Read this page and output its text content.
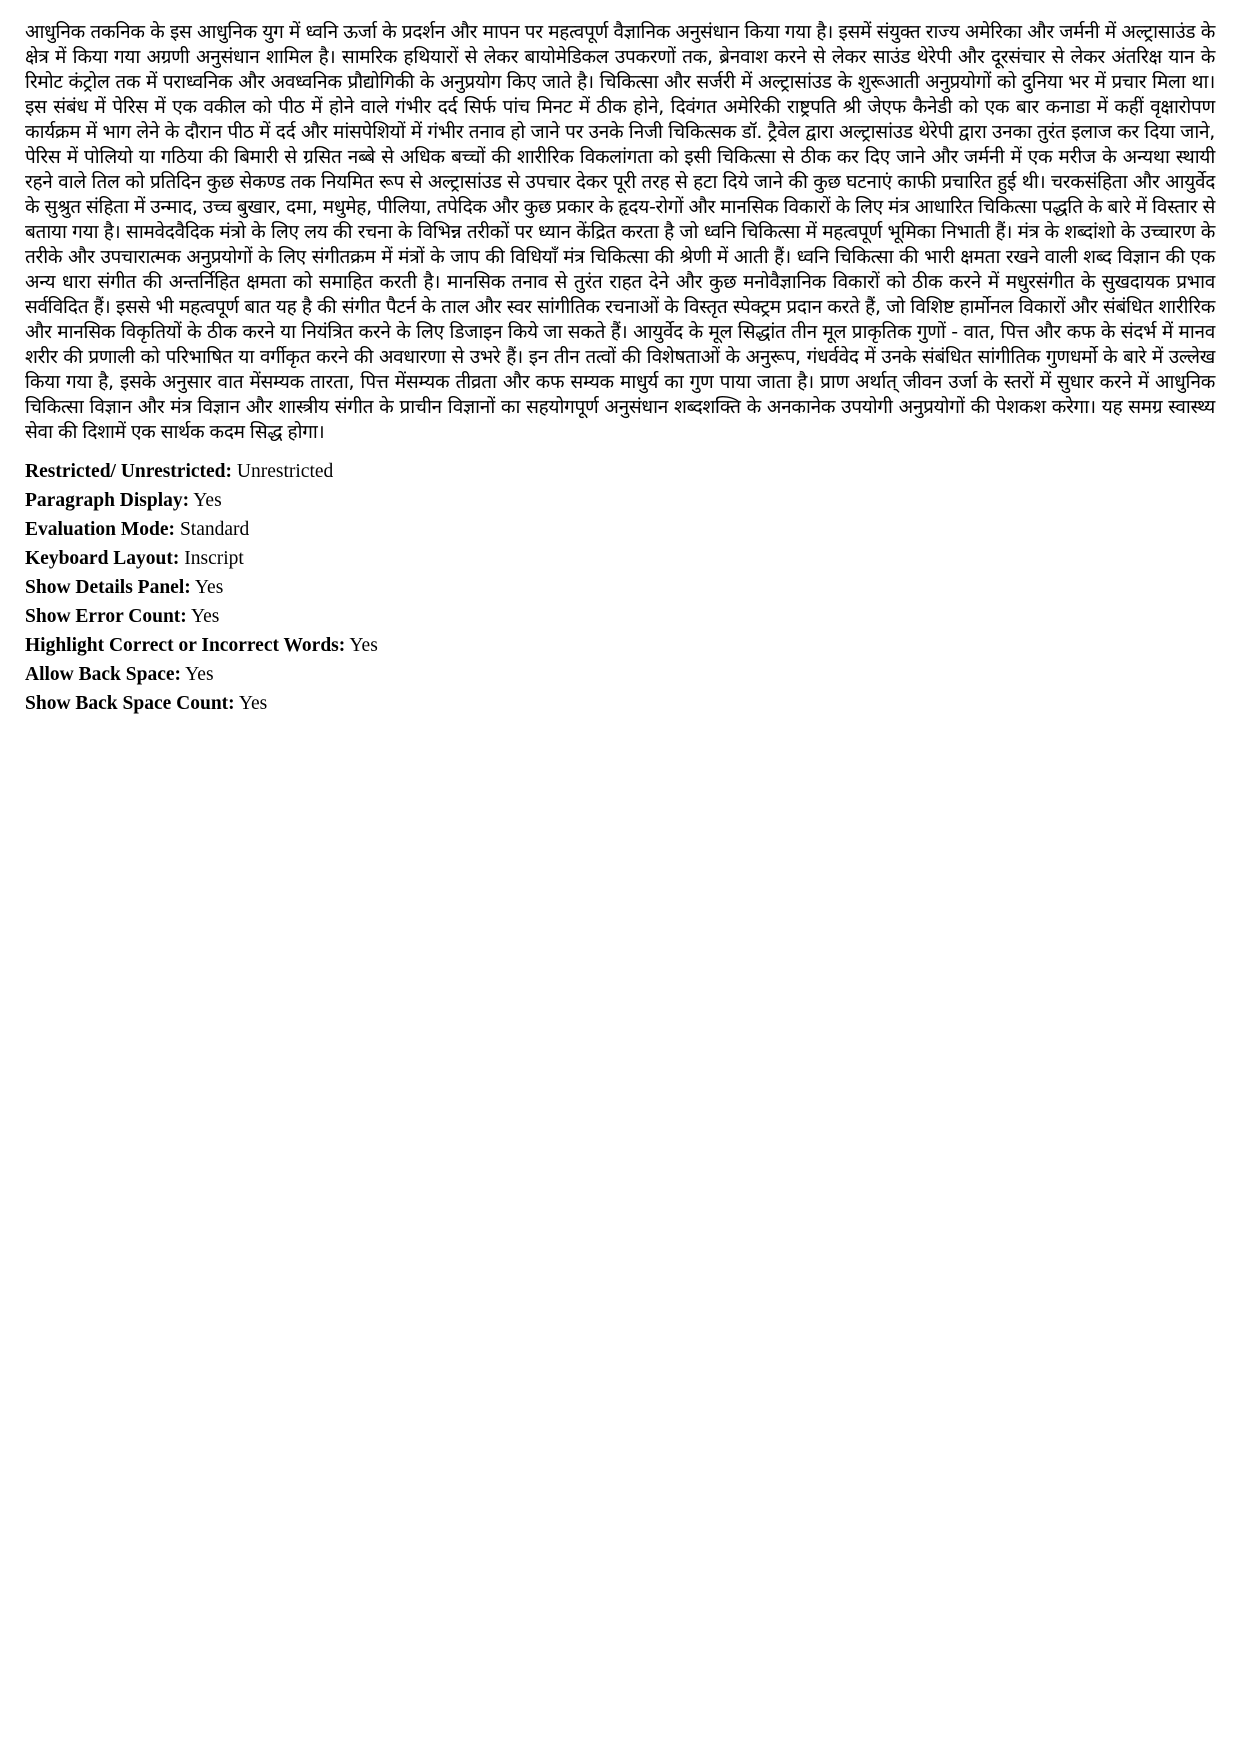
आधुनिक तकनिक के इस आधुनिक युग में ध्वनि ऊर्जा के प्रदर्शन और मापन पर महत्वपूर्ण वैज्ञानिक अनुसंधान किया गया है। इसमें संयुक्त राज्य अमेरिका और जर्मनी में अल्ट्रासाउंड के क्षेत्र में किया गया अग्रणी अनुसंधान शामिल है। सामरिक हथियारों से लेकर बायोमेडिकल उपकरणों तक, ब्रेनवाश करने से लेकर साउंड थेरेपी और दूरसंचार से लेकर अंतरिक्ष यान के रिमोट कंट्रोल तक में पराध्वनिक और अवध्वनिक प्रौद्योगिकी के अनुप्रयोग किए जाते है। चिकित्सा और सर्जरी में अल्ट्रासांउड के शुरूआती अनुप्रयोगों को दुनिया भर में प्रचार मिला था। इस संबंध में पेरिस में एक वकील को पीठ में होने वाले गंभीर दर्द सिर्फ पांच मिनट में ठीक होने, दिवंगत अमेरिकी राष्ट्रपति श्री जेएफ कैनेडी को एक बार कनाडा में कहीं वृक्षारोपण कार्यक्रम में भाग लेने के दौरान पीठ में दर्द और मांसपेशियों में गंभीर तनाव हो जाने पर उनके निजी चिकित्सक डॉ. ट्रैवेल द्वारा अल्ट्रासांउड थेरेपी द्वारा उनका तुरंत इलाज कर दिया जाने, पेरिस में पोलियो या गठिया की बिमारी से ग्रसित नब्बे से अधिक बच्चों की शारीरिक विकलांगता को इसी चिकित्सा से ठीक कर दिए जाने और जर्मनी में एक मरीज के अन्यथा स्थायी रहने वाले तिल को प्रतिदिन कुछ सेकण्ड तक नियमित रूप से अल्ट्रासांउड से उपचार देकर पूरी तरह से हटा दिये जाने की कुछ घटनाएं काफी प्रचारित हुई थी। चरकसंहिता और आयुर्वेद के सुश्रुत संहिता में उन्माद, उच्च बुखार, दमा, मधुमेह, पीलिया, तपेदिक और कुछ प्रकार के हृदय-रोगों और मानसिक विकारों के लिए मंत्र आधारित चिकित्सा पद्धति के बारे में विस्तार से बताया गया है। सामवेदवैदिक मंत्रो के लिए लय की रचना के विभिन्न तरीकों पर ध्यान केंद्रित करता है जो ध्वनि चिकित्सा में महत्वपूर्ण भूमिका निभाती हैं। मंत्र के शब्दांशो के उच्चारण के तरीके और उपचारात्मक अनुप्रयोगों के लिए संगीतक्रम में मंत्रों के जाप की विधियाँ मंत्र चिकित्सा की श्रेणी में आती हैं। ध्वनि चिकित्सा की भारी क्षमता रखने वाली शब्द विज्ञान की एक अन्य धारा संगीत की अन्तर्निहित क्षमता को समाहित करती है। मानसिक तनाव से तुरंत राहत देने और कुछ मनोवैज्ञानिक विकारों को ठीक करने में मधुरसंगीत के सुखदायक प्रभाव सर्वविदित हैं। इससे भी महत्वपूर्ण बात यह है की संगीत पैटर्न के ताल और स्वर सांगीतिक रचनाओं के विस्तृत स्पेक्ट्रम प्रदान करते हैं, जो विशिष्ट हार्मोनल विकारों और संबंधित शारीरिक और मानसिक विकृतियों के ठीक करने या नियंत्रित करने के लिए डिजाइन किये जा सकते हैं। आयुर्वेद के मूल सिद्धांत तीन मूल प्राकृतिक गुणों - वात, पित्त और कफ के संदर्भ में मानव शरीर की प्रणाली को परिभाषित या वर्गीकृत करने की अवधारणा से उभरे हैं। इन तीन तत्वों की विशेषताओं के अनुरूप, गंधर्ववेद में उनके संबंधित सांगीतिक गुणधर्मो के बारे में उल्लेख किया गया है, इसके अनुसार वात मेंसम्यक तारता, पित्त मेंसम्यक तीव्रता और कफ सम्यक माधुर्य का गुण पाया जाता है। प्राण अर्थात् जीवन उर्जा के स्तरों में सुधार करने में आधुनिक चिकित्सा विज्ञान और मंत्र विज्ञान और शास्त्रीय संगीत के प्राचीन विज्ञानों का सहयोगपूर्ण अनुसंधान शब्दशक्ति के अनकानेक उपयोगी अनुप्रयोगों की पेशकश करेगा। यह समग्र स्वास्थ्य सेवा की दिशामें एक सार्थक कदम सिद्ध होगा।

Restricted/ Unrestricted: Unrestricted
Paragraph Display: Yes
Evaluation Mode: Standard
Keyboard Layout: Inscript
Show Details Panel: Yes
Show Error Count: Yes
Highlight Correct or Incorrect Words: Yes
Allow Back Space: Yes
Show Back Space Count: Yes
